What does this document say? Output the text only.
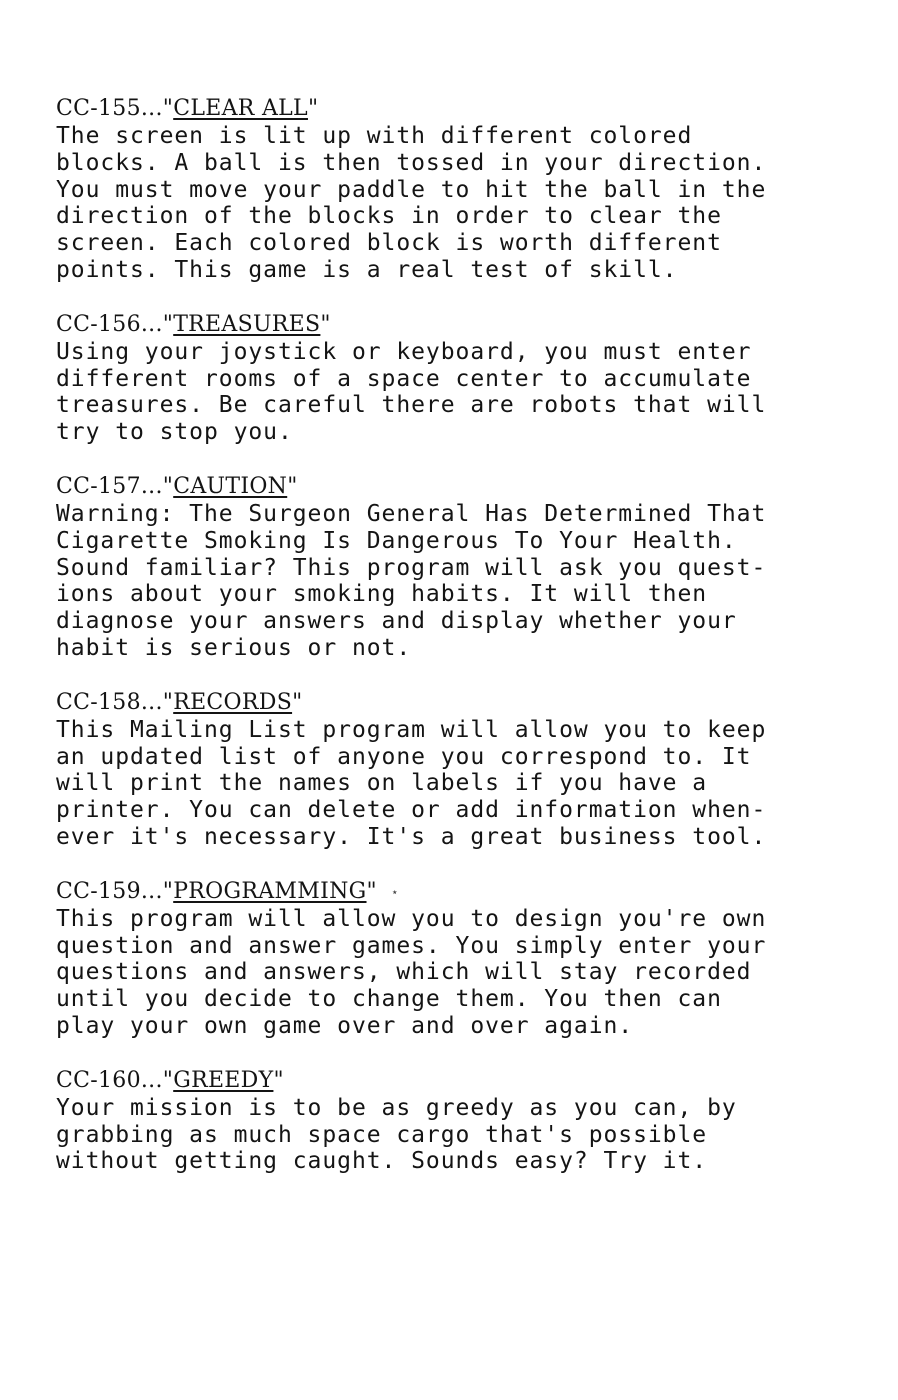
CC-155..."CLEAR ALL"
The screen is lit up with different colored
blocks. A ball is then tossed in your direction.
You must move your paddle to hit the ball in the
direction of the blocks in order to clear the
screen. Each colored block is worth different
points. This game is a real test of skill.
CC-156..."TREASURES"
Using your joystick or keyboard, you must enter
different rooms of a space center to accumulate
treasures. Be careful there are robots that will
try to stop you.
CC-157..."CAUTION"
Warning: The Surgeon General Has Determined That
Cigarette Smoking Is Dangerous To Your Health.
Sound familiar? This program will ask you quest-
ions about your smoking habits. It will then
diagnose your answers and display whether your
habit is serious or not.
CC-158..."RECORDS"
This Mailing List program will allow you to keep
an updated list of anyone you correspond to. It
will print the names on labels if you have a
printer. You can delete or add information when-
ever it's necessary. It's a great business tool.
CC-159..."PROGRAMMING" ⋆
This program will allow you to design you're own
question and answer games. You simply enter your
questions and answers, which will stay recorded
until you decide to change them. You then can
play your own game over and over again.
CC-160..."GREEDY"
Your mission is to be as greedy as you can, by
grabbing as much space cargo that's possible
without getting caught. Sounds easy? Try it.
